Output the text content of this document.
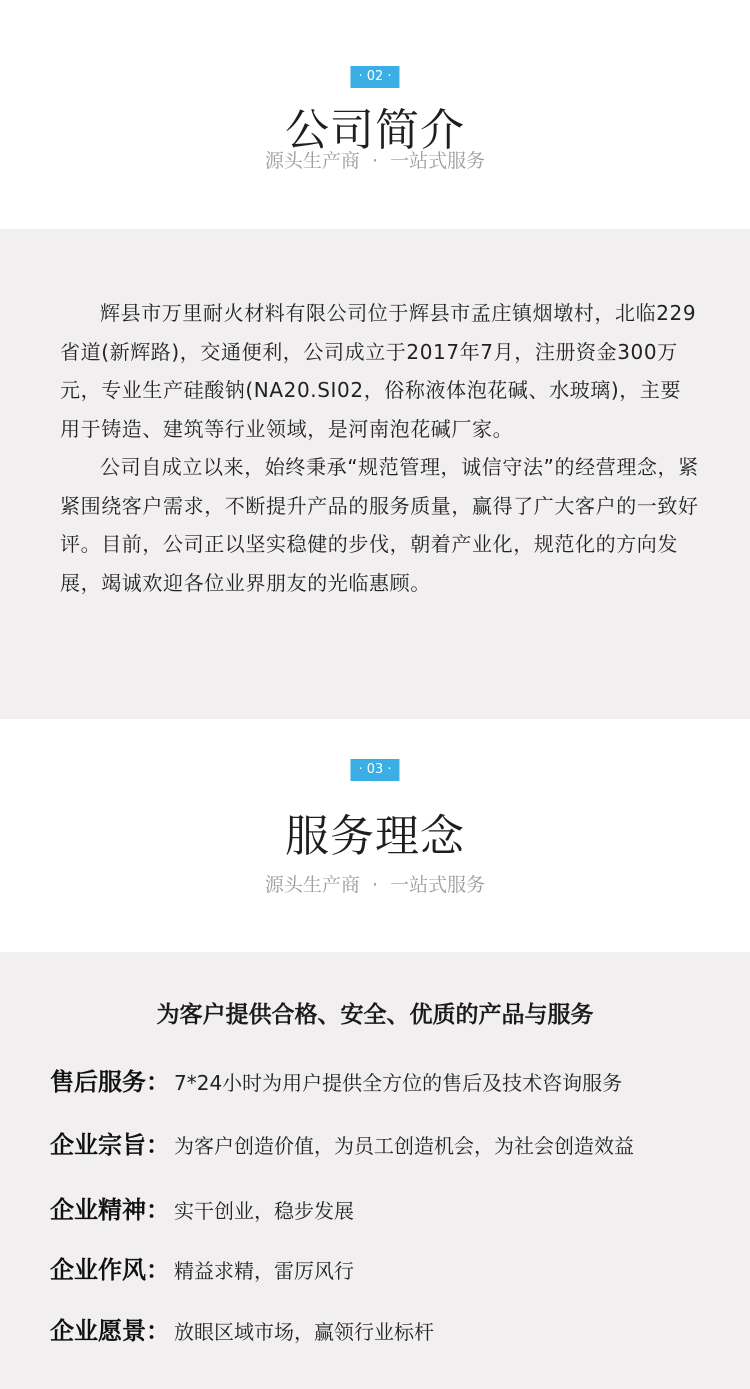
· 02 ·
公司简介
源头生产商  ·  一站式服务

辉县市万里耐火材料有限公司位于辉县市孟庄镇烟墩村，北临229省道(新辉路)，交通便利，公司成立于2017年7月，注册资金300万元，专业生产硅酸钠(NA20.SI02，俗称液体泡花碱、水玻璃)，主要用于铸造、建筑等行业领域，是河南泡花碱厂家。

公司自成立以来，始终秉承“规范管理，诚信守法”的经营理念，紧紧围绕客户需求，不断提升产品的服务质量，赢得了广大客户的一致好评。目前，公司正以坚实稳健的步伐，朝着产业化，规范化的方向发展，竭诚欢迎各位业界朋友的光临惠顾。

· 03 ·
服务理念
源头生产商  ·  一站式服务
为客户提供合格、安全、优质的产品与服务
售后服务： 7*24小时为用户提供全方位的售后及技术咨询服务
企业宗旨： 为客户创造价值，为员工创造机会，为社会创造效益
企业精神： 实干创业，稳步发展
企业作风： 精益求精，雷厉风行
企业愿景： 放眼区域市场，赢领行业标杆
